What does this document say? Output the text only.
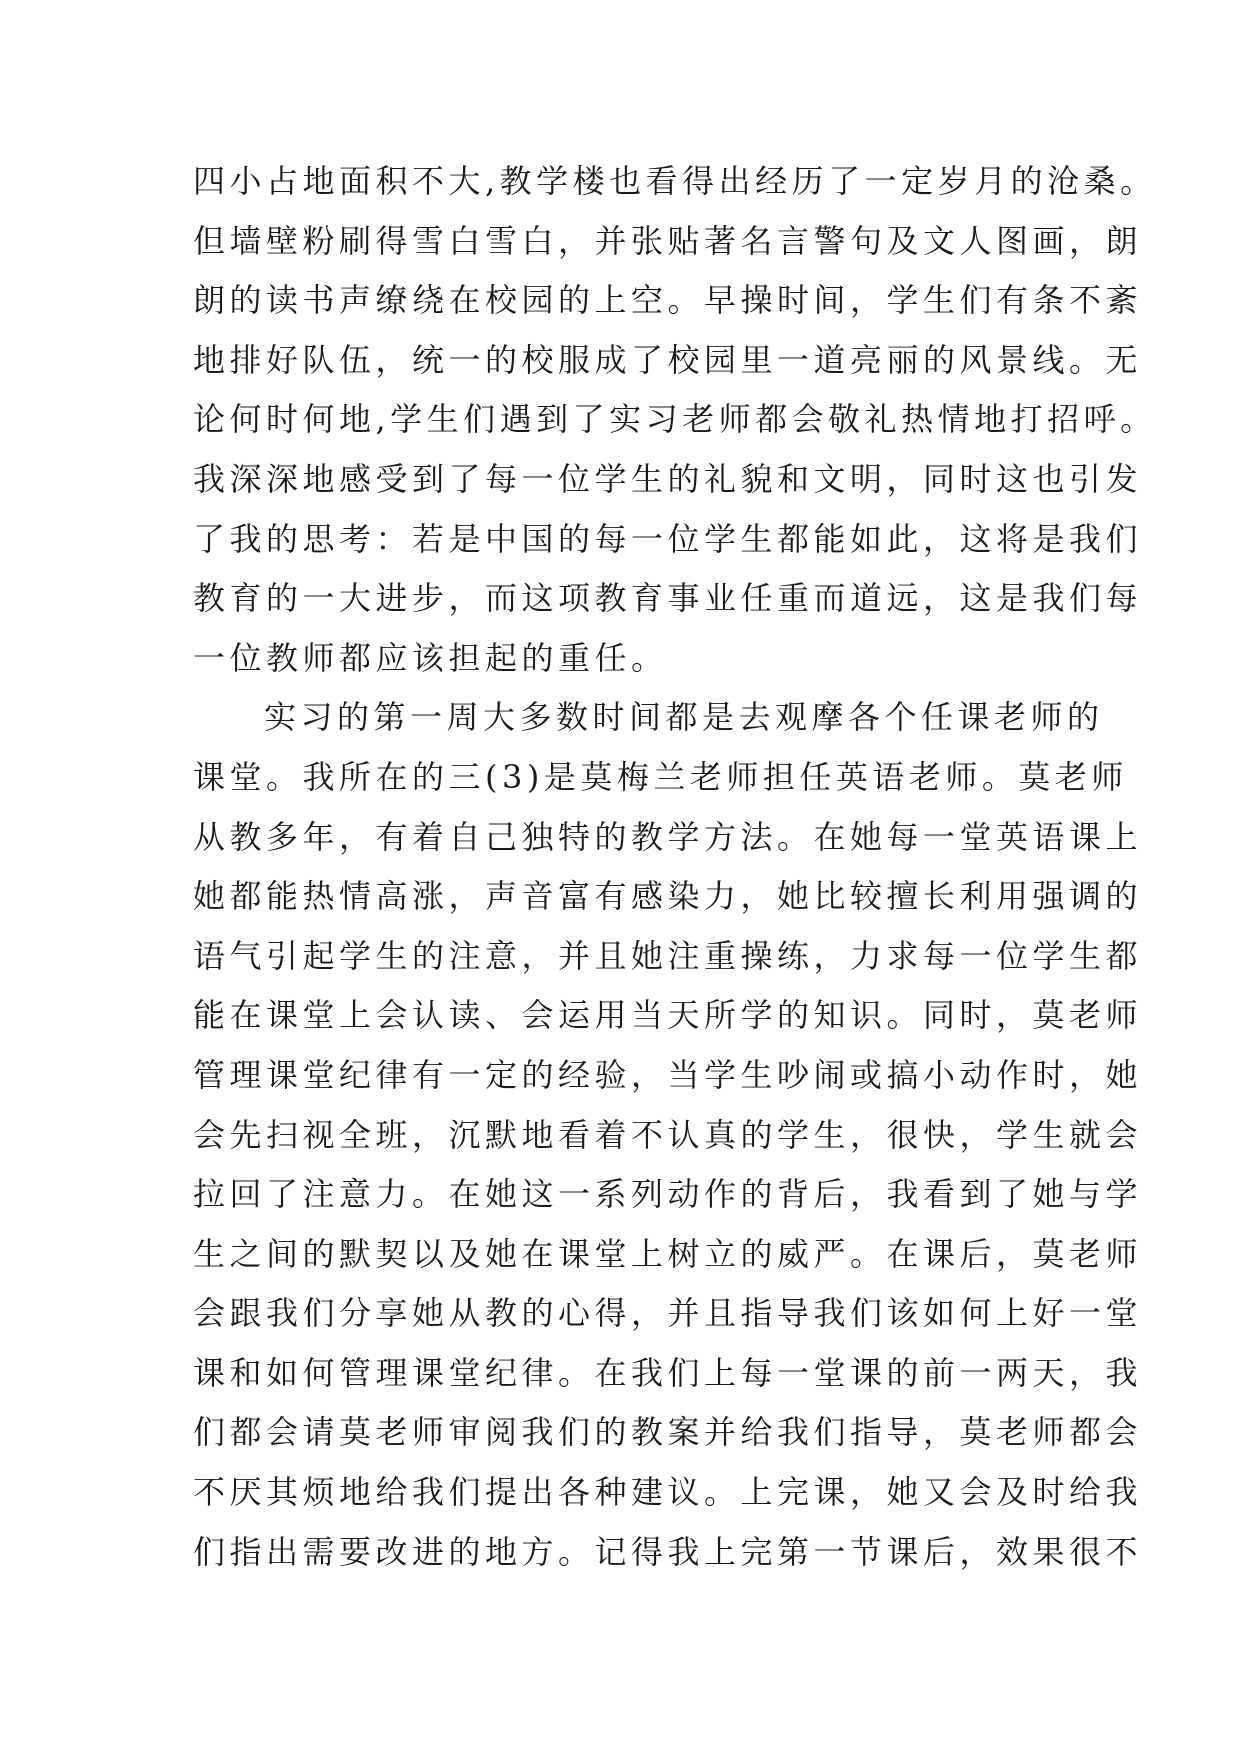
四小占地面积不大,教学楼也看得出经历了一定岁月的沧桑。
但墙壁粉刷得雪白雪白，并张贴著名言警句及文人图画，朗
朗的读书声缭绕在校园的上空。早操时间，学生们有条不紊
地排好队伍，统一的校服成了校园里一道亮丽的风景线。无
论何时何地,学生们遇到了实习老师都会敬礼热情地打招呼。
我深深地感受到了每一位学生的礼貌和文明，同时这也引发
了我的思考：若是中国的每一位学生都能如此，这将是我们
教育的一大进步，而这项教育事业任重而道远，这是我们每
一位教师都应该担起的重任。
实习的第一周大多数时间都是去观摩各个任课老师的
课堂。我所在的三(3)是莫梅兰老师担任英语老师。莫老师
从教多年，有着自己独特的教学方法。在她每一堂英语课上
她都能热情高涨，声音富有感染力，她比较擅长利用强调的
语气引起学生的注意，并且她注重操练，力求每一位学生都
能在课堂上会认读、会运用当天所学的知识。同时，莫老师
管理课堂纪律有一定的经验，当学生吵闹或搞小动作时，她
会先扫视全班，沉默地看着不认真的学生，很快，学生就会
拉回了注意力。在她这一系列动作的背后，我看到了她与学
生之间的默契以及她在课堂上树立的威严。在课后，莫老师
会跟我们分享她从教的心得，并且指导我们该如何上好一堂
课和如何管理课堂纪律。在我们上每一堂课的前一两天，我
们都会请莫老师审阅我们的教案并给我们指导，莫老师都会
不厌其烦地给我们提出各种建议。上完课，她又会及时给我
们指出需要改进的地方。记得我上完第一节课后，效果很不
